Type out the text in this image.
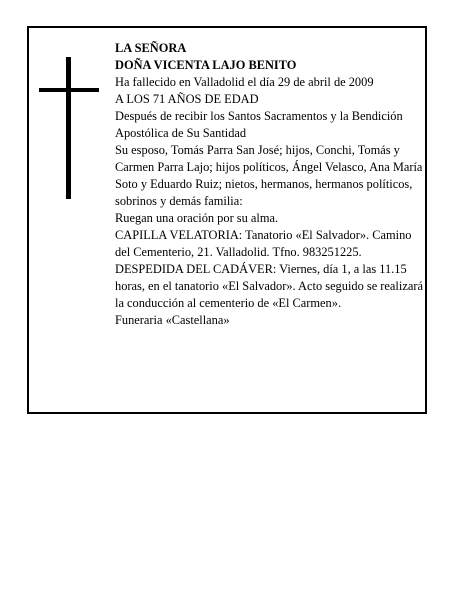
LA SEÑORA

DOÑA VICENTA LAJO BENITO

Ha fallecido en Valladolid el día 29 de abril de 2009

A LOS 71 AÑOS DE EDAD

Después de recibir los Santos Sacramentos y la Bendición Apostólica de Su Santidad

Su esposo, Tomás Parra San José; hijos, Conchi, Tomás y Carmen Parra Lajo; hijos políticos, Ángel Velasco, Ana María Soto y Eduardo Ruiz; nietos, hermanos, hermanos políticos, sobrinos y demás familia:

Ruegan una oración por su alma.

CAPILLA VELATORIA: Tanatorio «El Salvador». Camino del Cementerio, 21. Valladolid. Tfno. 983251225.

DESPEDIDA DEL CADÁVER: Viernes, día 1, a las 11.15 horas, en el tanatorio «El Salvador». Acto seguido se realizará la conducción al cementerio de «El Carmen».

Funeraria «Castellana»
